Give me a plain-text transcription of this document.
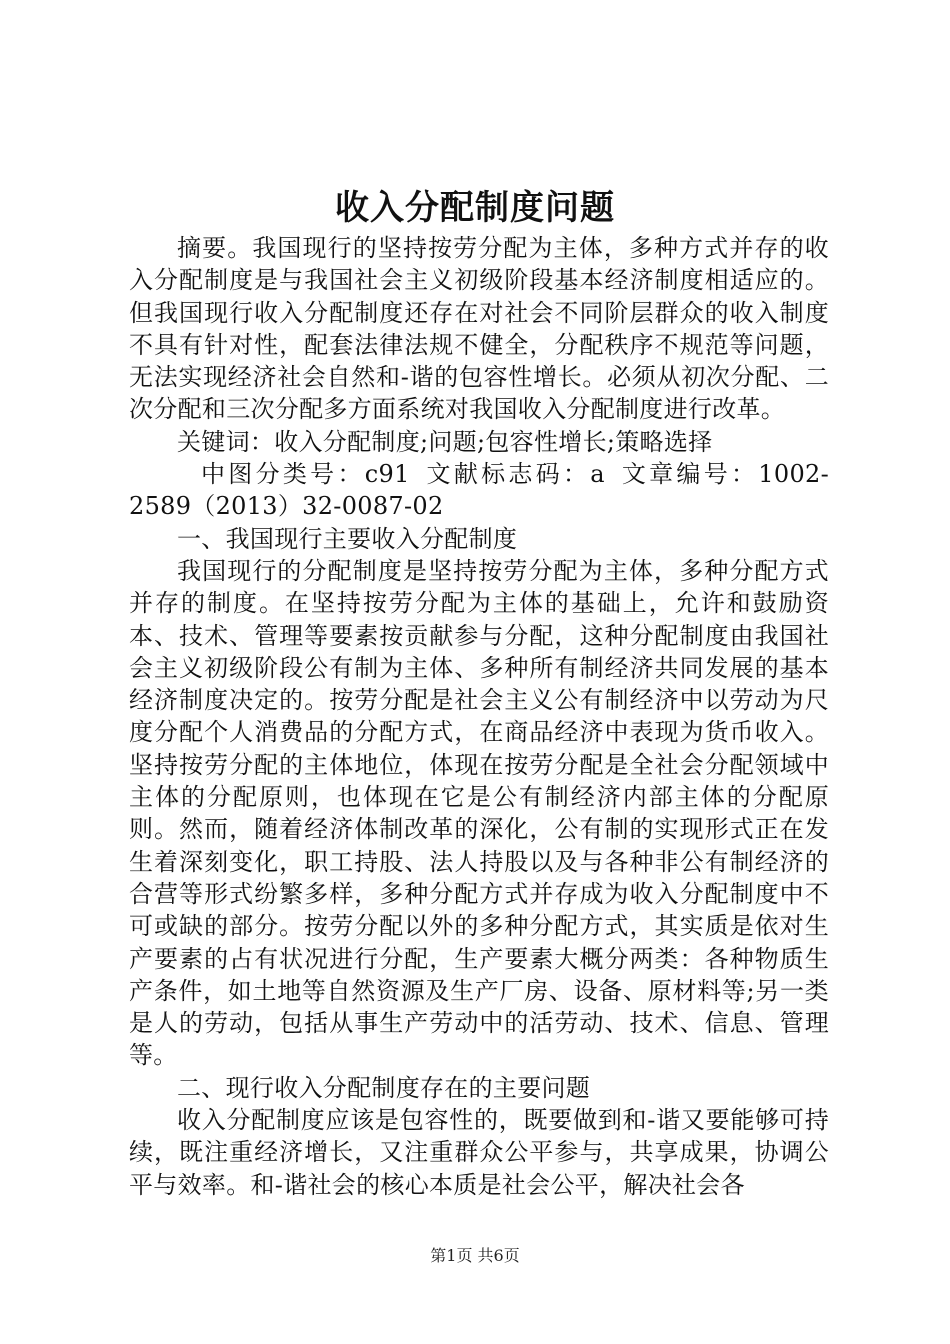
收入分配制度问题

摘要。我国现行的坚持按劳分配为主体，多种方式并存的收入分配制度是与我国社会主义初级阶段基本经济制度相适应的。但我国现行收入分配制度还存在对社会不同阶层群众的收入制度不具有针对性，配套法律法规不健全，分配秩序不规范等问题，无法实现经济社会自然和-谐的包容性增长。必须从初次分配、二次分配和三次分配多方面系统对我国收入分配制度进行改革。

关键词：收入分配制度;问题;包容性增长;策略选择

中图分类号：c91 文献标志码：a 文章编号：1002-2589（2013）32-0087-02

一、我国现行主要收入分配制度

我国现行的分配制度是坚持按劳分配为主体，多种分配方式并存的制度。在坚持按劳分配为主体的基础上，允许和鼓励资本、技术、管理等要素按贡献参与分配，这种分配制度由我国社会主义初级阶段公有制为主体、多种所有制经济共同发展的基本经济制度决定的。按劳分配是社会主义公有制经济中以劳动为尺度分配个人消费品的分配方式，在商品经济中表现为货币收入。坚持按劳分配的主体地位，体现在按劳分配是全社会分配领域中主体的分配原则，也体现在它是公有制经济内部主体的分配原则。然而，随着经济体制改革的深化，公有制的实现形式正在发生着深刻变化，职工持股、法人持股以及与各种非公有制经济的合营等形式纷繁多样，多种分配方式并存成为收入分配制度中不可或缺的部分。按劳分配以外的多种分配方式，其实质是依对生产要素的占有状况进行分配，生产要素大概分两类：各种物质生产条件，如土地等自然资源及生产厂房、设备、原材料等;另一类是人的劳动，包括从事生产劳动中的活劳动、技术、信息、管理等。

二、现行收入分配制度存在的主要问题

收入分配制度应该是包容性的，既要做到和-谐又要能够可持续，既注重经济增长，又注重群众公平参与，共享成果，协调公平与效率。和-谐社会的核心本质是社会公平，解决社会各

第1页 共6页
